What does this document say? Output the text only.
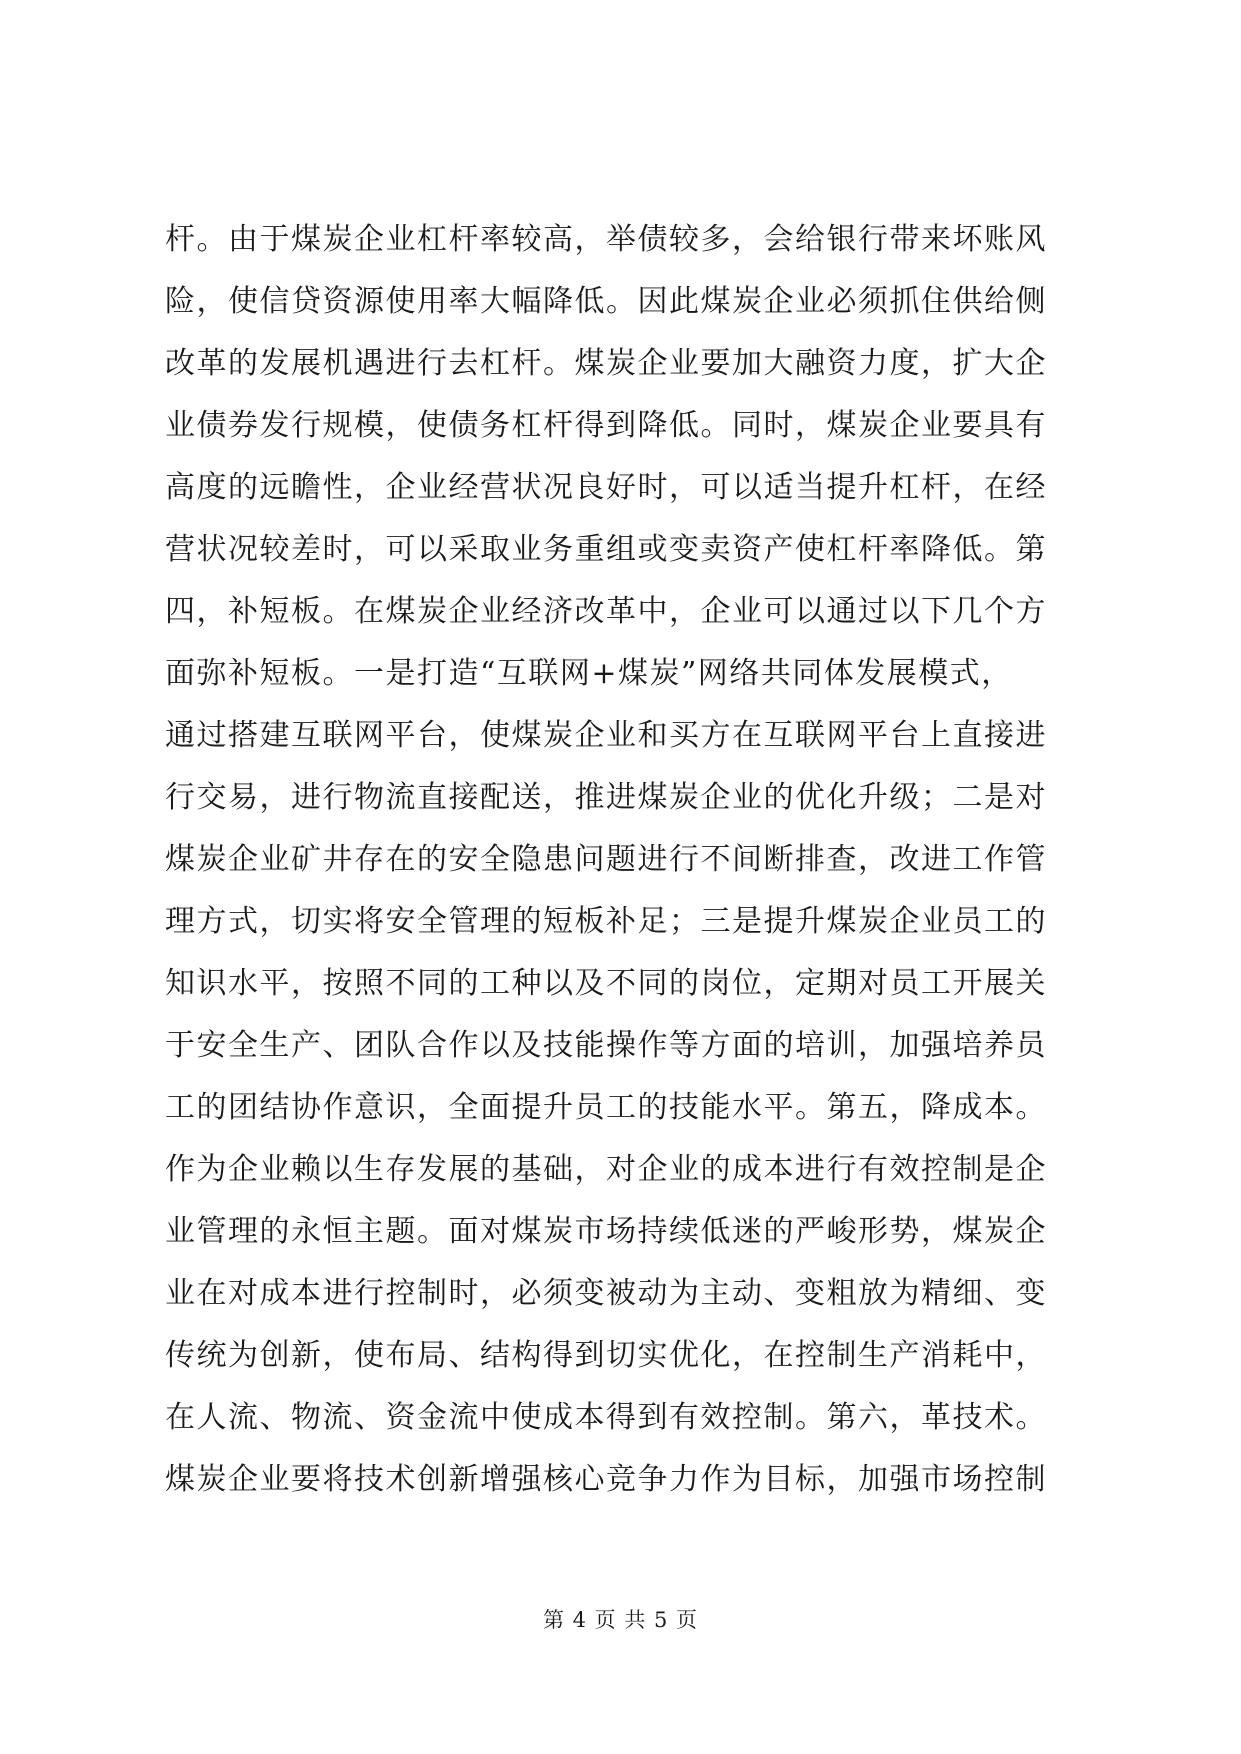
杆。由于煤炭企业杠杆率较高，举债较多，会给银行带来坏账风
险，使信贷资源使用率大幅降低。因此煤炭企业必须抓住供给侧
改革的发展机遇进行去杠杆。煤炭企业要加大融资力度，扩大企
业债券发行规模，使债务杠杆得到降低。同时，煤炭企业要具有
高度的远瞻性，企业经营状况良好时，可以适当提升杠杆，在经
营状况较差时，可以采取业务重组或变卖资产使杠杆率降低。第
四，补短板。在煤炭企业经济改革中，企业可以通过以下几个方
面弥补短板。一是打造“互联网+煤炭”网络共同体发展模式，
通过搭建互联网平台，使煤炭企业和买方在互联网平台上直接进
行交易，进行物流直接配送，推进煤炭企业的优化升级；二是对
煤炭企业矿井存在的安全隐患问题进行不间断排查，改进工作管
理方式，切实将安全管理的短板补足；三是提升煤炭企业员工的
知识水平，按照不同的工种以及不同的岗位，定期对员工开展关
于安全生产、团队合作以及技能操作等方面的培训，加强培养员
工的团结协作意识，全面提升员工的技能水平。第五，降成本。
作为企业赖以生存发展的基础，对企业的成本进行有效控制是企
业管理的永恒主题。面对煤炭市场持续低迷的严峻形势，煤炭企
业在对成本进行控制时，必须变被动为主动、变粗放为精细、变
传统为创新，使布局、结构得到切实优化，在控制生产消耗中，
在人流、物流、资金流中使成本得到有效控制。第六，革技术。
煤炭企业要将技术创新增强核心竞争力作为目标，加强市场控制
第 4 页 共 5 页
